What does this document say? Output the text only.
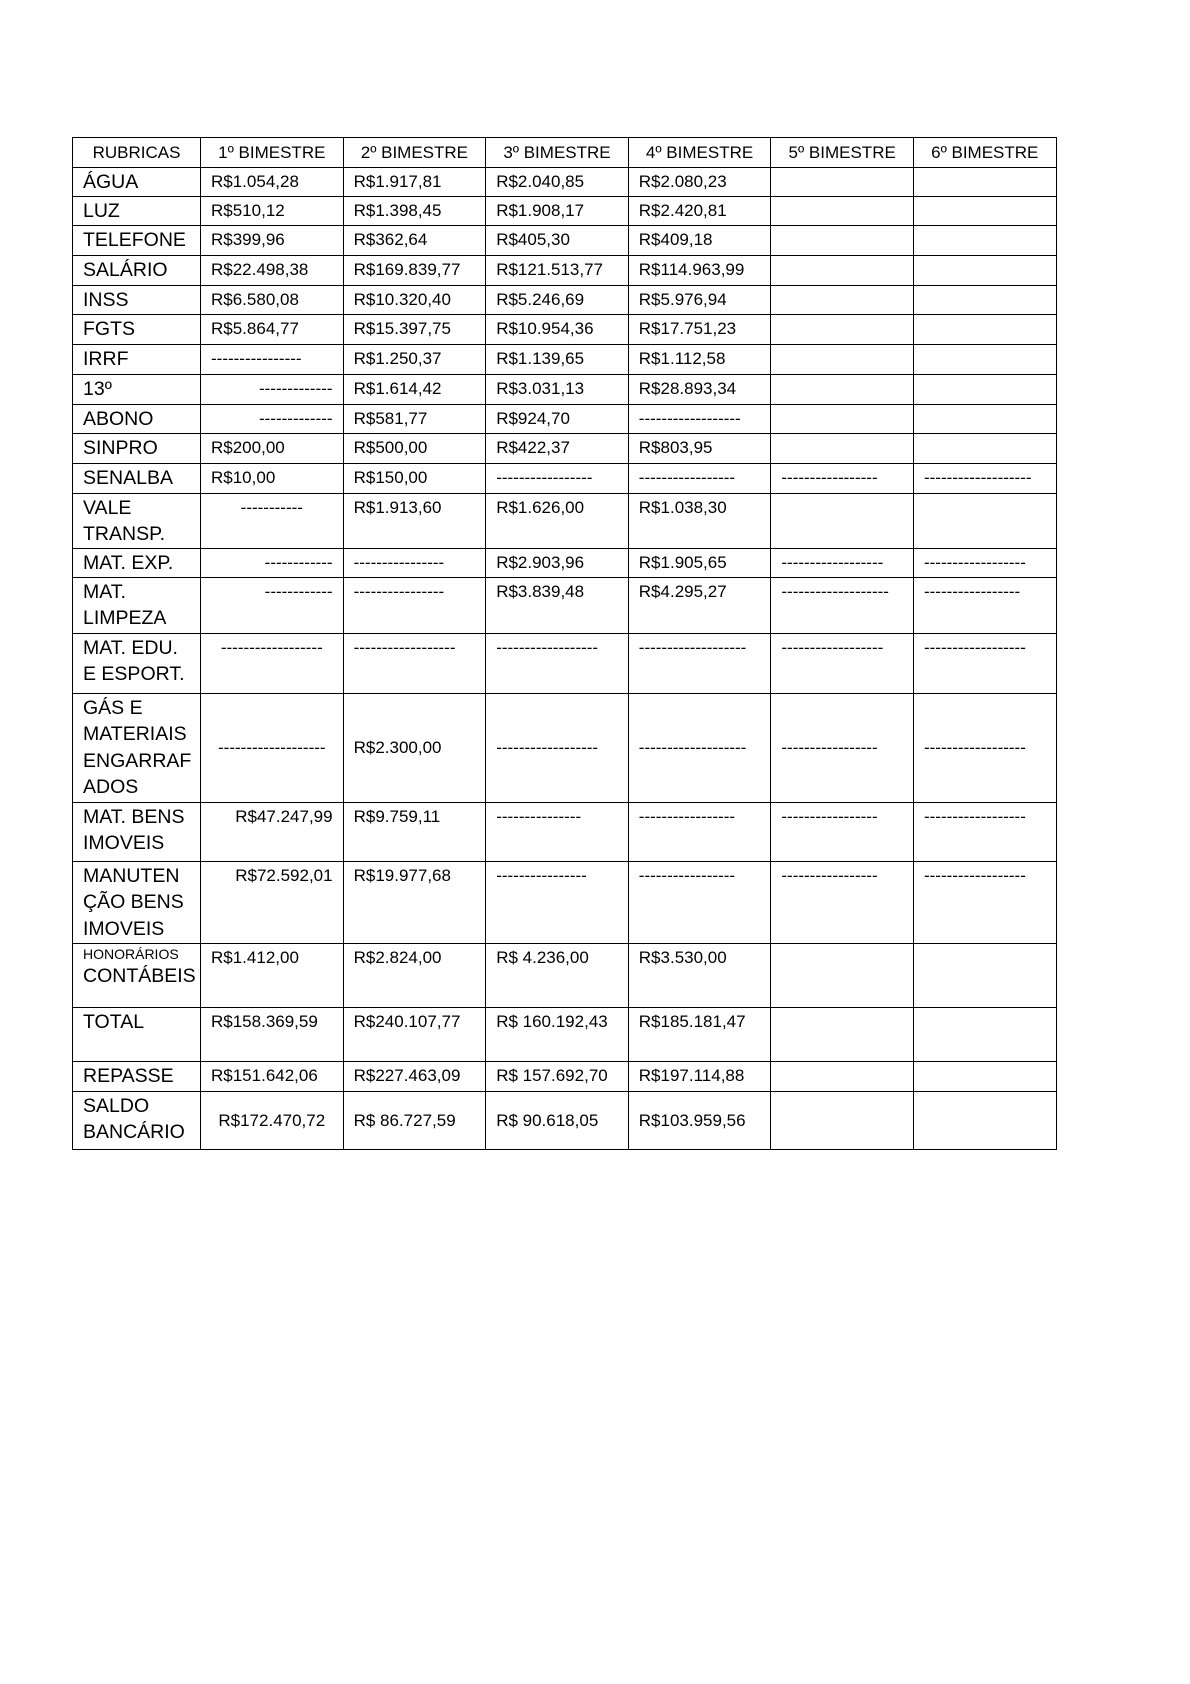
RUBRICAS	1º BIMESTRE	2º BIMESTRE	3º BIMESTRE	4º BIMESTRE	5º BIMESTRE	6º BIMESTRE
ÁGUA	R$1.054,28	R$1.917,81	R$2.040,85	R$2.080,23		
LUZ	R$510,12	R$1.398,45	R$1.908,17	R$2.420,81		
TELEFONE	R$399,96	R$362,64	R$405,30	R$409,18		
SALÁRIO	R$22.498,38	R$169.839,77	R$121.513,77	R$114.963,99		
INSS	R$6.580,08	R$10.320,40	R$5.246,69	R$5.976,94		
FGTS	R$5.864,77	R$15.397,75	R$10.954,36	R$17.751,23		
IRRF	----------------	R$1.250,37	R$1.139,65	R$1.112,58		
13º	-------------	R$1.614,42	R$3.031,13	R$28.893,34		
ABONO	-------------	R$581,77	R$924,70	------------------		
SINPRO	R$200,00	R$500,00	R$422,37	R$803,95		
SENALBA	R$10,00	R$150,00	-----------------	-----------------	-----------------	-------------------
VALE
TRANSP.	-----------	R$1.913,60	R$1.626,00	R$1.038,30		
MAT. EXP.	------------	----------------	R$2.903,96	R$1.905,65	------------------	------------------
MAT.
LIMPEZA	------------	----------------	R$3.839,48	R$4.295,27	-------------------	-----------------
MAT. EDU.
E ESPORT.	------------------	------------------	------------------	-------------------	------------------	------------------
GÁS E
MATERIAIS
ENGARRAF
ADOS	-------------------	R$2.300,00	------------------	-------------------	-----------------	------------------
MAT. BENS
IMOVEIS	R$47.247,99	R$9.759,11	---------------	-----------------	-----------------	------------------
MANUTEN
ÇÃO BENS
IMOVEIS	R$72.592,01	R$19.977,68	----------------	-----------------	-----------------	------------------

HONORÁRIOS
CONTÁBEIS	R$1.412,00	R$2.824,00	R$ 4.236,00	R$3.530,00		
TOTAL	R$158.369,59	R$240.107,77	R$ 160.192,43	R$185.181,47		
REPASSE	R$151.642,06	R$227.463,09	R$ 157.692,70	R$197.114,88		
SALDO
BANCÁRIO	R$172.470,72	R$ 86.727,59	R$ 90.618,05	R$103.959,56		
